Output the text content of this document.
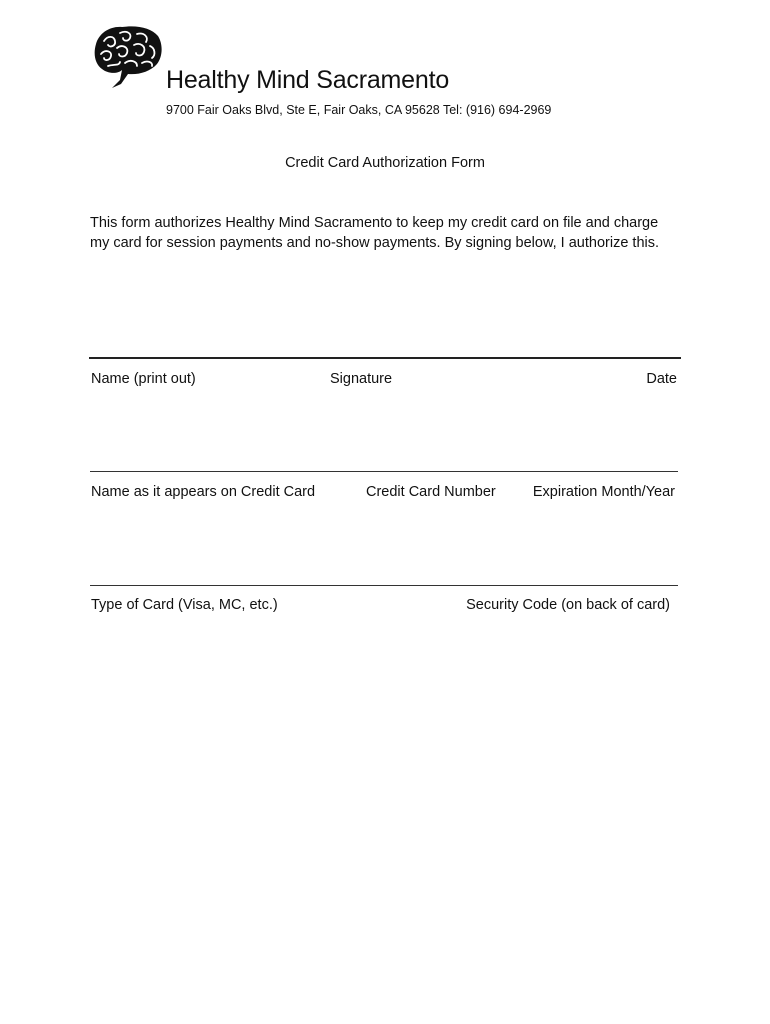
Healthy Mind Sacramento
9700 Fair Oaks Blvd, Ste E, Fair Oaks, CA 95628 Tel: (916) 694-2969
Credit Card Authorization Form

This form authorizes Healthy Mind Sacramento to keep my credit card on file and charge my card for session payments and no-show payments. By signing below, I authorize this.

Name (print out)	Signature	Date
Name as it appears on Credit Card	Credit Card Number	Expiration Month/Year
Type of Card (Visa, MC, etc.)	Security Code (on back of card)
